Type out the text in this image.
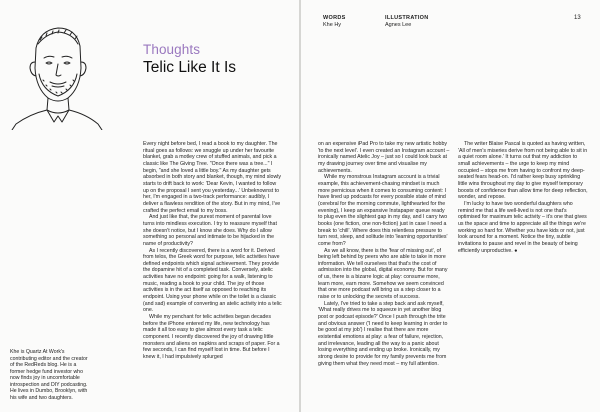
Thoughts
Telic Like It Is

Every night before bed, I read a book to my daughter. The ritual goes as follows: we snuggle up under her favourite blanket, grab a motley crew of stuffed animals, and pick a classic like The Giving Tree. "Once there was a tree..." I begin, "and she loved a little boy." As my daughter gets absorbed in both story and blanket, though, my mind slowly starts to drift back to work: 'Dear Kevin, I wanted to follow up on the proposal I sent you yesterday...' Unbeknownst to her, I'm engaged in a two-track performance: audibly, I deliver a flawless rendition of the story. But in my mind, I've crafted the perfect email to my boss.

And just like that, the purest moment of parental love turns into mindless execution. I try to reassure myself that she doesn't notice, but I know she does. Why do I allow something so personal and intimate to be hijacked in the name of productivity?

As I recently discovered, there is a word for it. Derived from telos, the Greek word for purpose, telic activities have defined endpoints which signal achievement. They provide the dopamine hit of a completed task. Conversely, atelic activities have no endpoint: going for a walk, listening to music, reading a book to your child. The joy of those activities is in the act itself as opposed to reaching its endpoint. Using your phone while on the toilet is a classic (and sad) example of converting an atelic activity into a telic one.

While my penchant for telic activities began decades before the iPhone entered my life, new technology has made it all too easy to give almost every task a telic component. I recently discovered the joy of drawing little monsters and aliens on napkins and scraps of paper. For a few seconds, I can find myself lost in time. But before I knew it, I had impulsively splurged

Khe is Quartz At Work's contributing editor and the creator of the RedReds blog. He is a former hedge fund investor who now finds joy in uncomfortable introspection and DIY podcasting. He lives in Dumbo, Brooklyn, with his wife and two daughters.
WORDS
Khe Hy
ILLUSTRATION
Agnes Lee
13

on an expensive iPad Pro to take my new artistic hobby 'to the next level'. I even created an Instagram account – ironically named Atelic Joy – just so I could look back at my drawing journey over time and visualise my achievements.

While my monstrous Instagram account is a trivial example, this achievement-chasing mindset is much more pernicious when it comes to consuming content: I have lined up podcasts for every possible state of mind (cerebral for the morning commute, lighthearted for the evening), I keep an expansive Instapaper queue ready to plug even the slightest gap in my day, and I carry two books (one fiction, one non-fiction) just in case I need a break to 'chill'. Where does this relentless pressure to turn rest, sleep, and solitude into 'learning opportunities' come from?

As we all know, there is the 'fear of missing out', of being left behind by peers who are able to take in more information. We tell ourselves that that's the cost of admission into the global, digital economy. But for many of us, there is a bizarre logic at play: consume more, learn more, earn more. Somehow we seem convinced that one more podcast will bring us a step closer to a raise or to unlocking the secrets of success.

Lately, I've tried to take a step back and ask myself, 'What really drives me to squeeze in yet another blog post or podcast episode?' Once I push through the trite and obvious answer ('I need to keep learning in order to be good at my job') I realise that there are more existential emotions at play: a fear of failure, rejection, and irrelevance, leading all the way to a panic about losing everything and ending up broke. Ironically, my strong desire to provide for my family prevents me from giving them what they need most – my full attention.

The writer Blaise Pascal is quoted as having written, 'All of men's miseries derive from not being able to sit in a quiet room alone.' It turns out that my addiction to small achievements – the urge to keep my mind occupied – stops me from having to confront my deep-seated fears head-on. I'd rather keep busy sprinkling little wins throughout my day to give myself temporary boosts of confidence than allow time for deep reflection, wonder, and repose.

I'm lucky to have two wonderful daughters who remind me that a life well-lived is not one that's optimised for maximum telic activity – it's one that gives us the space and time to appreciate all the things we're working so hard for. Whether you have kids or not, just look around for a moment. Notice the tiny, subtle invitations to pause and revel in the beauty of being efficiently unproductive. ●
